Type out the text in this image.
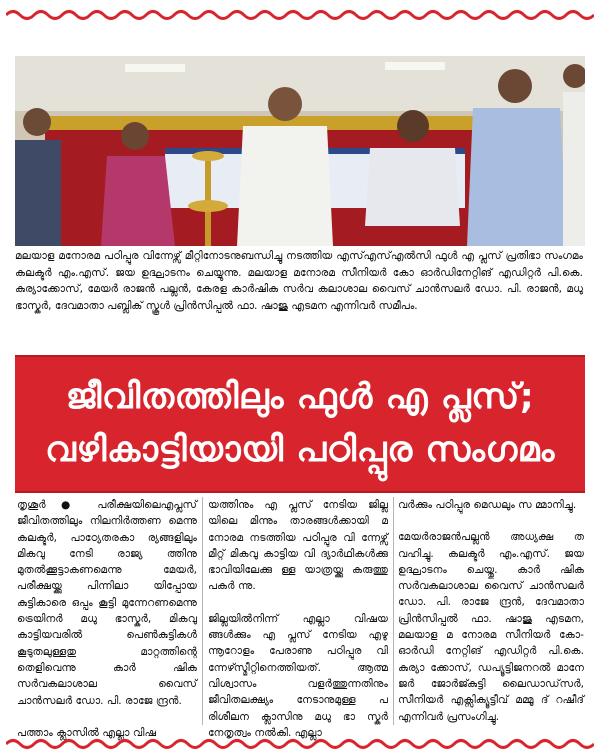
മലയാള മനോരമ പഠിപ്പുര വിന്നേഴ്സ് മീറ്റിനോടനുബന്ധിച്ചു നടത്തിയ എസ്എസ്എൽസി ഫുൾ എ പ്ലസ് പ്രതിഭാ സംഗമം കലക്ടർ എം.എസ്. ജയ ഉദ്ഘാടനം ചെയ്യുന്നു. മലയാള മനോരമ സീനിയർ കോ ഓർഡിനേറ്റിങ് എഡിറ്റർ പി.കെ. കുര്യാക്കോസ്, മേയർ രാജൻ പല്ലൻ, കേരള കാർഷിക സർവ കലാശാല വൈസ് ചാൻസലർ ഡോ. പി. രാജൻ, മധു ഭാസ്കർ, ദേവമാതാ പബ്ലിക് സ്കൂൾ പ്രിൻസിപ്പൽ ഫാ. ഷാജു എടമന എന്നിവർ സമീപം.
ജീവിതത്തിലും ഫുൾ എ പ്ലസ്;
വഴികാട്ടിയായി പഠിപ്പുര സംഗമം

തൃശൂർ ● പരീക്ഷയിലെഎപ്ലസ് ജീവിതത്തിലും നിലനിർത്തണ മെന്നു കലക്ടർ, പാഠ്യേതരകാ ര്യങ്ങളിലും മികവു നേടി രാജ്യ ത്തിനു മുതൽക്കൂട്ടാകണമെന്നു മേയർ, പരീക്ഷയ്ക്കു പിന്നിലാ യിപ്പോയ കുട്ടികാരെ ഒപ്പം കൂട്ടി മുന്നേറണമെന്നു ട്രെയിനർ മധു ഭാസ്കർ, മികവു കാട്ടിയവരിൽ പെൺകുട്ടികൾ കൂടുതലുള്ളതു മാറ്റത്തിന്റെ തെളിവെന്നു കാർ ഷിക സർവകലാശാല വൈസ് ചാൻസലർ ഡോ. പി. രാജേ ന്ദ്രൻ.

പത്താം ക്ലാസിൽ എല്ലാ വിഷ

യത്തിനും എ പ്ലസ് നേടിയ ജില്ല യിലെ മിന്നും താരങ്ങൾക്കായി മ നോരമ നടത്തിയ പഠിപ്പുര വി ന്നേഴ്സ് മീറ്റ് മികവു കാട്ടിയ വി ദ്യാർഥികൾക്കു ഭാവിയിലേക്കു ള്ള യാത്രയ്ക്കു കരുത്തു പകർ ന്നു.

ജില്ലയിൽനിന്ന് എല്ലാ വിഷയ ങ്ങൾക്കും എ പ്ലസ് നേടിയ എഴു ന്നൂറോളം പേരാണു പഠിപ്പുര വി ന്നേഴ്സ്മീറ്റിനെത്തിയത്. ആത്മ വിശ്വാസം വളർത്തുന്നതിനും ജീവിതലക്ഷ്യം നേടാനുമുള്ള പ രിശീലന ക്ലാസിനു മധു ഭാ സ്കർ നേതൃത്വം നൽകി. എല്ലാ

വർക്കും പഠിപ്പുര മെഡലും സ മ്മാനിച്ചു.

മേയർരാജൻപല്ലൻ അധ്യക്ഷ ത വഹിച്ചു. കലക്ടർ എം.എസ്. ജയ ഉദ്ഘാടനം ചെയ്തു. കാർ ഷിക സർവകലാശാല വൈസ് ചാൻസലർ ഡോ. പി. രാജേ ന്ദ്രൻ, ദേവമാതാ പ്രിൻസിപ്പൽ ഫാ. ഷാജു എടമന, മലയാള മ നോരമ സീനിയർ കോ-ഓർഡി നേറ്റിങ് എഡിറ്റർ പി.കെ. കുര്യാ ക്കോസ്, ഡപ്യൂട്ടിജനറൽ മാനേ ജർ ജോർജ്കുട്ടി ലൈഡാഡ്‌സർ, സീനിയർ എക്സിക്യൂട്ടീവ് മമ്മൂ ദ് റഷീദ് എന്നിവർ പ്രസംഗിച്ചു.
